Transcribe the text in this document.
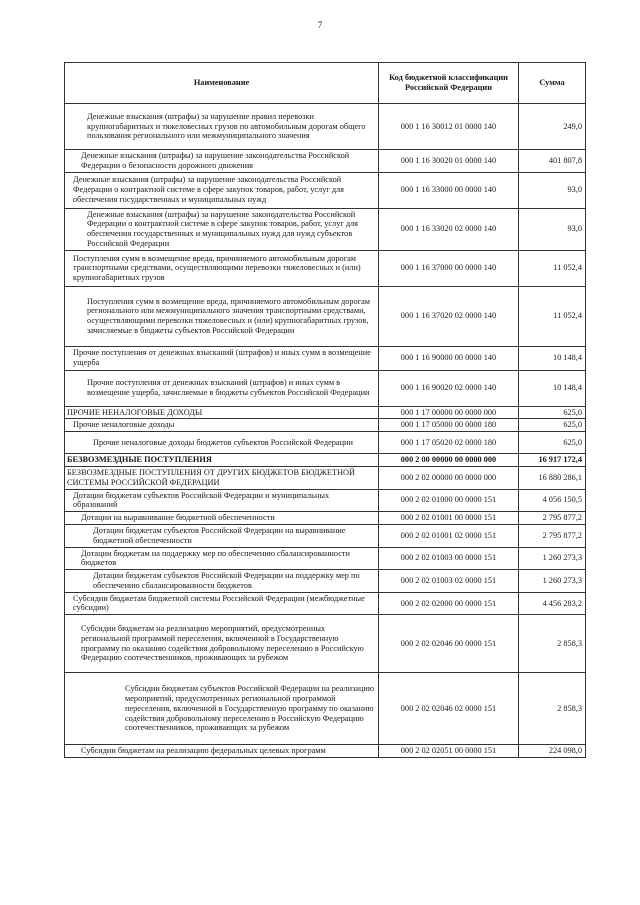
7
Наименование	Код бюджетной классификации Российской Федерации	Сумма
Денежные взыскания (штрафы) за нарушение правил перевозки крупногабаритных и тяжеловесных грузов по автомобильным дорогам общего пользования регионального или межмуниципального значения	000 1 16 30012 01 0000 140	249,0
Денежные взыскания (штрафы) за нарушение законодательства Российской Федерации о безопасности дорожного движения	000 1 16 30020 01 0000 140	401 807,8
Денежные взыскания (штрафы) за нарушение законодательства Российской Федерации о контрактной системе в сфере закупок товаров, работ, услуг для обеспечения государственных и муниципальных нужд	000 1 16 33000 00 0000 140	93,0
Денежные взыскания (штрафы) за нарушение законодательства Российской Федерации о контрактной системе в сфере закупок товаров, работ, услуг для обеспечения государственных и муниципальных нужд для нужд субъектов Российской Федерации	000 1 16 33020 02 0000 140	93,0
Поступления сумм в возмещение вреда, причиняемого автомобильным дорогам транспортными средствами, осуществляющими перевозки тяжеловесных и (или) крупногабаритных грузов	000 1 16 37000 00 0000 140	11 052,4
Поступления сумм в возмещение вреда, причиняемого автомобильным дорогам регионального или межмуниципального значения транспортными средствами, осуществляющими перевозки тяжеловесных и (или) крупногабаритных грузов, зачисляемые в бюджеты субъектов Российской Федерации	000 1 16 37020 02 0000 140	11 052,4
Прочие поступления от денежных взысканий (штрафов) и иных сумм в возмещение ущерба	000 1 16 90000 00 0000 140	10 148,4
Прочие поступления от денежных взысканий (штрафов) и иных сумм в возмещение ущерба, зачисляемые в бюджеты субъектов Российской Федерации	000 1 16 90020 02 0000 140	10 148,4
ПРОЧИЕ НЕНАЛОГОВЫЕ ДОХОДЫ	000 1 17 00000 00 0000 000	625,0
Прочие неналоговые доходы	000 1 17 05000 00 0000 180	625,0
Прочие неналоговые доходы бюджетов субъектов Российской Федерации	000 1 17 05020 02 0000 180	625,0
БЕЗВОЗМЕЗДНЫЕ ПОСТУПЛЕНИЯ	000 2 00 00000 00 0000 000	16 917 172,4
БЕЗВОЗМЕЗДНЫЕ ПОСТУПЛЕНИЯ ОТ ДРУГИХ БЮДЖЕТОВ БЮДЖЕТНОЙ СИСТЕМЫ РОССИЙСКОЙ ФЕДЕРАЦИИ	000 2 02 00000 00 0000 000	16 880 286,1
Дотации бюджетам субъектов Российской Федерации и муниципальных образований	000 2 02 01000 00 0000 151	4 056 150,5
Дотации на выравнивание бюджетной обеспеченности	000 2 02 01001 00 0000 151	2 795 877,2
Дотации бюджетам субъектов Российской Федерации на выравнивание бюджетной обеспеченности	000 2 02 01001 02 0000 151	2 795 877,2
Дотации бюджетам на поддержку мер по обеспечению сбалансированности бюджетов	000 2 02 01003 00 0000 151	1 260 273,3
Дотации бюджетам субъектов Российской Федерации на поддержку мер по обеспечению сбалансированности бюджетов	000 2 02 01003 02 0000 151	1 260 273,3
Субсидии бюджетам бюджетной системы Российской Федерации (межбюджетные субсидии)	000 2 02 02000 00 0000 151	4 456 283,2
Субсидии бюджетам на реализацию мероприятий, предусмотренных региональной программой переселения, включенной в Государственную программу по оказанию содействия добровольному переселению в Российскую Федерацию соотечественников, проживающих за рубежом	000 2 02 02046 00 0000 151	2 858,3
Субсидии бюджетам субъектов Российской Федерации на реализацию мероприятий, предусмотренных региональной программой переселения, включенной в Государственную программу по оказанию содействия добровольному переселению в Российскую Федерацию соотечественников, проживающих за рубежом	000 2 02 02046 02 0000 151	2 858,3
Субсидии бюджетам на реализацию федеральных целевых программ	000 2 02 02051 00 0000 151	224 098,0
